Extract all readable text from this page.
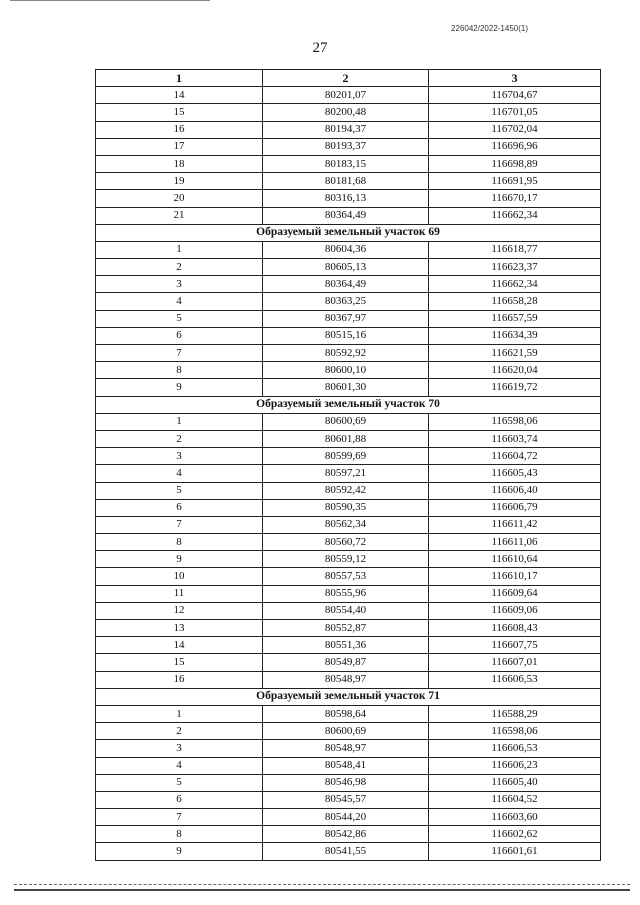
226042/2022-1450(1)
27
1	2	3
14	80201,07	116704,67
15	80200,48	116701,05
16	80194,37	116702,04
17	80193,37	116696,96
18	80183,15	116698,89
19	80181,68	116691,95
20	80316,13	116670,17
21	80364,49	116662,34
Образуемый земельный участок 69		
1	80604,36	116618,77
2	80605,13	116623,37
3	80364,49	116662,34
4	80363,25	116658,28
5	80367,97	116657,59
6	80515,16	116634,39
7	80592,92	116621,59
8	80600,10	116620,04
9	80601,30	116619,72
Образуемый земельный участок 70		
1	80600,69	116598,06
2	80601,88	116603,74
3	80599,69	116604,72
4	80597,21	116605,43
5	80592,42	116606,40
6	80590,35	116606,79
7	80562,34	116611,42
8	80560,72	116611,06
9	80559,12	116610,64
10	80557,53	116610,17
11	80555,96	116609,64
12	80554,40	116609,06
13	80552,87	116608,43
14	80551,36	116607,75
15	80549,87	116607,01
16	80548,97	116606,53
Образуемый земельный участок 71		
1	80598,64	116588,29
2	80600,69	116598,06
3	80548,97	116606,53
4	80548,41	116606,23
5	80546,98	116605,40
6	80545,57	116604,52
7	80544,20	116603,60
8	80542,86	116602,62
9	80541,55	116601,61
